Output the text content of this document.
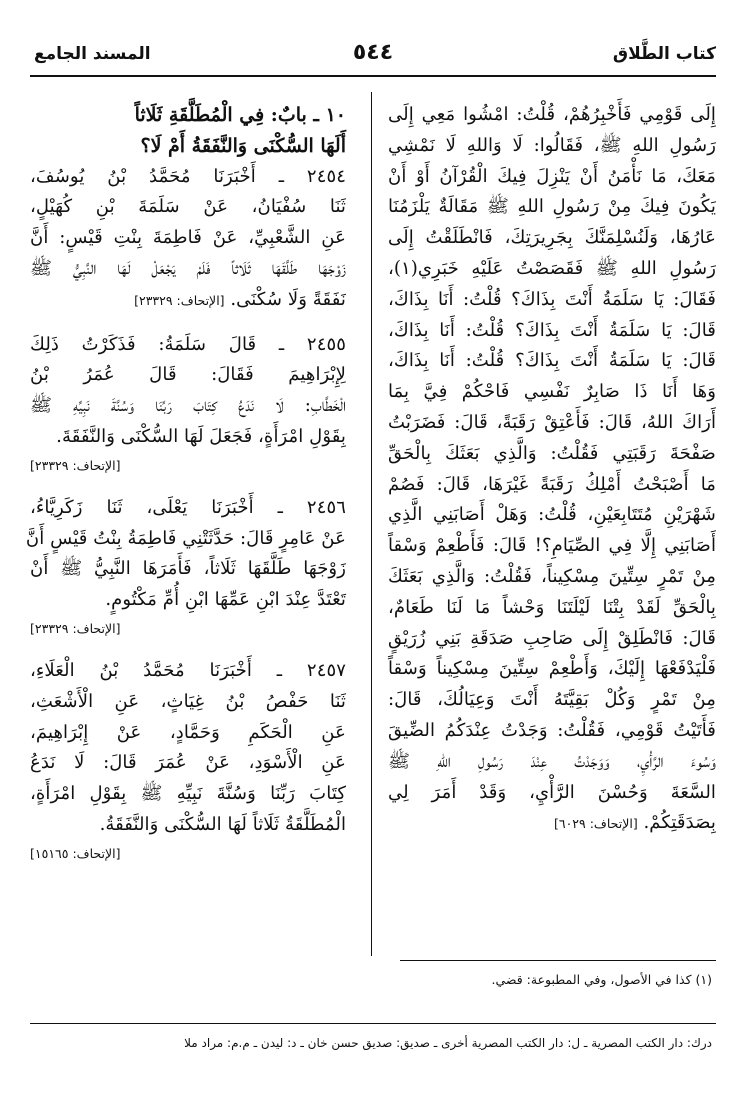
كتاب الطَّلاق
٥٤٤
المسند الجامع
إِلَى قَوْمِي فَأَخْبِرُهُمْ، قُلْتُ: امْشُوا مَعِي إِلَى
رَسُولِ اللهِ ﷺ، فَقَالُوا: لَا وَاللهِ لَا نَمْشِي
مَعَكَ، مَا نَأْمَنُ أَنْ يَنْزِلَ فِيكَ الْقُرْآنُ أَوْ أَنْ
يَكُونَ فِيكَ مِنْ رَسُولِ اللهِ ﷺ مَقَالَةٌ يَلْزَمُنَا
عَارُهَا، وَلَنُسْلِمَنَّكَ بِجَرِيرَتِكَ، فَانْطَلَقْتُ إِلَى
رَسُولِ اللهِ ﷺ فَقَصَصْتُ عَلَيْهِ خَبَرِي(١)،
فَقَالَ: يَا سَلَمَةُ أَنْتَ بِذَاكَ؟ قُلْتُ: أَنَا بِذَاكَ،
قَالَ: يَا سَلَمَةُ أَنْتَ بِذَاكَ؟ قُلْتُ: أَنَا بِذَاكَ،
قَالَ: يَا سَلَمَةُ أَنْتَ بِذَاكَ؟ قُلْتُ: أَنَا بِذَاكَ،
وَهَا أَنَا ذَا صَابِرٌ نَفْسِي فَاحْكُمْ فِيَّ بِمَا
أَرَاكَ اللهُ، قَالَ: فَأَعْتِقْ رَقَبَةً، قَالَ: فَضَرَبْتُ
صَفْحَةَ رَقَبَتِي فَقُلْتُ: وَالَّذِي بَعَثَكَ بِالْحَقِّ
مَا أَصْبَحْتُ أَمْلِكُ رَقَبَةً غَيْرَهَا، قَالَ: فَصُمْ
شَهْرَيْنِ مُتَتَابِعَيْنِ، قُلْتُ: وَهَلْ أَصَابَنِي الَّذِي
أَصَابَنِي إِلَّا فِي الصِّيَامِ؟! قَالَ: فَأَطْعِمْ وَسْقاً
مِنْ تَمْرٍ سِتِّينَ مِسْكِيناً، فَقُلْتُ: وَالَّذِي بَعَثَكَ
بِالْحَقِّ لَقَدْ بِتْنَا لَيْلَتَنَا وَحْشاً مَا لَنَا طَعَامٌ،
قَالَ: فَانْطَلِقْ إِلَى صَاحِبِ صَدَقَةِ بَنِي زُرَيْقٍ
فَلْيَدْفَعْهَا إِلَيْكَ، وَأَطْعِمْ سِتِّينَ مِسْكِيناً وَسْقاً
مِنْ تَمْرٍ وَكُلْ بَقِيَّتَهُ أَنْتَ وَعِيَالُكَ، قَالَ:
فَأَتَيْتُ قَوْمِي، فَقُلْتُ: وَجَدْتُ عِنْدَكُمُ الضِّيقَ
وَسُوءَ الرَّأْيِ، وَوَجَدْتُ عِنْدَ رَسُولِ اللهِ ﷺ
السَّعَةَ وَحُسْنَ الرَّأْيِ، وَقَدْ أَمَرَ لِي
بِصَدَقَتِكُمْ. [الإتحاف: ٦٠٢٩]
١٠ ـ بابٌ: فِي الْمُطَلَّقَةِ ثَلَاثاً
أَلَهَا السُّكْنَى وَالنَّفَقَةُ أَمْ لَا؟
٢٤٥٤ ـ أَخْبَرَنَا مُحَمَّدُ بْنُ يُوسُفَ،
ثَنَا سُفْيَانُ، عَنْ سَلَمَةَ بْنِ كُهَيْلٍ،
عَنِ الشَّعْبِيِّ، عَنْ فَاطِمَةَ بِنْتِ قَيْسٍ: أَنَّ
زَوْجَهَا طَلَّقَهَا ثَلَاثاً فَلَمْ يَجْعَلْ لَهَا النَّبِيُّ ﷺ
نَفَقَةً وَلَا سُكْنَى. [الإتحاف: ٢٣٣٢٩]
٢٤٥٥ ـ قَالَ سَلَمَةُ: فَذَكَرْتُ ذَلِكَ
لِإِبْرَاهِيمَ فَقَالَ: قَالَ عُمَرُ بْنُ
الْخَطَّابِ: لَا نَدَعُ كِتَابَ رَبِّنَا وَسُنَّةَ نَبِيِّهِ ﷺ
بِقَوْلِ امْرَأَةٍ، فَجَعَلَ لَهَا السُّكْنَى وَالنَّفَقَةَ.
[الإتحاف: ٢٣٣٢٩]
٢٤٥٦ ـ أَخْبَرَنَا يَعْلَى، ثَنَا زَكَرِيَّاءُ،
عَنْ عَامِرٍ قَالَ: حَدَّثَتْنِي فَاطِمَةُ بِنْتُ قَيْسٍ أَنَّ
زَوْجَهَا طَلَّقَهَا ثَلَاثاً، فَأَمَرَهَا النَّبِيُّ ﷺ أَنْ
تَعْتَدَّ عِنْدَ ابْنِ عَمِّهَا ابْنِ أُمِّ مَكْتُومٍ.
[الإتحاف: ٢٣٣٢٩]
٢٤٥٧ ـ أَخْبَرَنَا مُحَمَّدُ بْنُ الْعَلَاءِ،
ثَنَا حَفْصُ بْنُ غِيَاثٍ، عَنِ الْأَشْعَثِ،
عَنِ الْحَكَمِ وَحَمَّادٍ، عَنْ إِبْرَاهِيمَ،
عَنِ الْأَسْوَدِ، عَنْ عُمَرَ قَالَ: لَا نَدَعُ
كِتَابَ رَبِّنَا وَسُنَّةَ نَبِيِّهِ ﷺ بِقَوْلِ امْرَأَةٍ،
الْمُطَلَّقَةُ ثَلَاثاً لَهَا السُّكْنَى وَالنَّفَقَةُ.
[الإتحاف: ١٥١٦٥]
(١) كذا في الأصول، وفي المطبوعة: قضي.
درك: دار الكتب المصرية ـ ل: دار الكتب المصرية أخرى ـ صديق: صديق حسن خان ـ د: ليدن ـ م.م: مراد ملا
